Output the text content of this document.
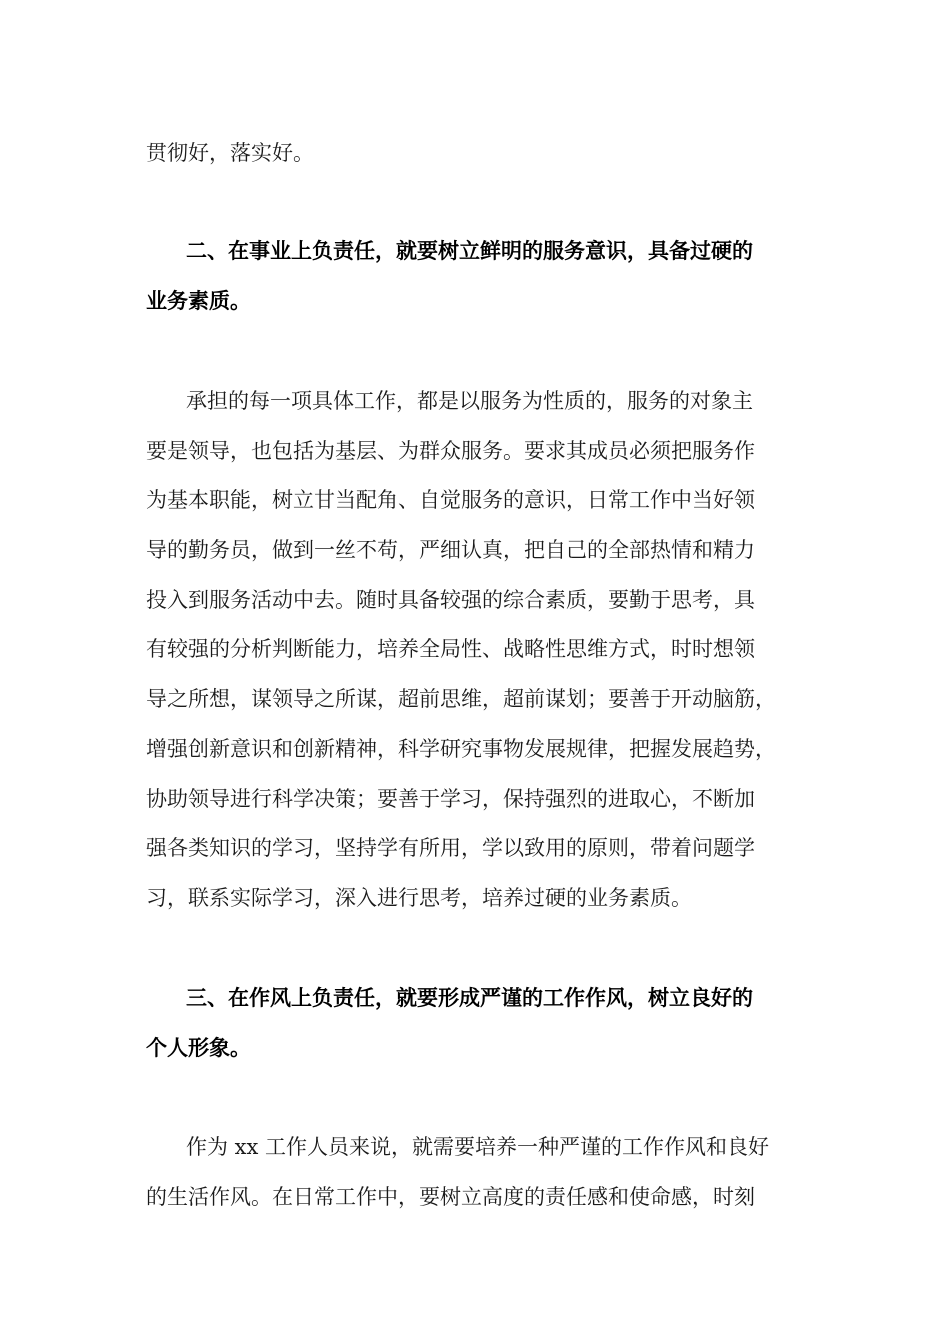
贯彻好，落实好。
二、在事业上负责任，就要树立鲜明的服务意识，具备过硬的
业务素质。
承担的每一项具体工作，都是以服务为性质的，服务的对象主
要是领导，也包括为基层、为群众服务。要求其成员必须把服务作
为基本职能，树立甘当配角、自觉服务的意识，日常工作中当好领
导的勤务员，做到一丝不苟，严细认真，把自己的全部热情和精力
投入到服务活动中去。随时具备较强的综合素质，要勤于思考，具
有较强的分析判断能力，培养全局性、战略性思维方式，时时想领
导之所想，谋领导之所谋，超前思维，超前谋划；要善于开动脑筋，
增强创新意识和创新精神，科学研究事物发展规律，把握发展趋势，
协助领导进行科学决策；要善于学习，保持强烈的进取心，不断加
强各类知识的学习，坚持学有所用，学以致用的原则，带着问题学
习，联系实际学习，深入进行思考，培养过硬的业务素质。
三、在作风上负责任，就要形成严谨的工作作风，树立良好的
个人形象。
作为 xx 工作人员来说，就需要培养一种严谨的工作作风和良好
的生活作风。在日常工作中，要树立高度的责任感和使命感，时刻
